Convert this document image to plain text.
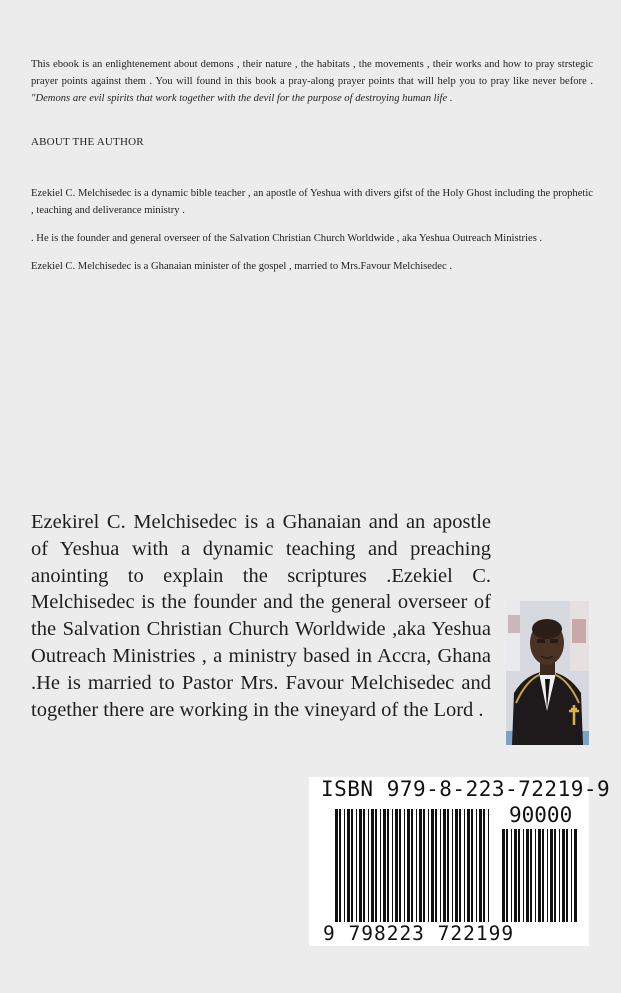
This ebook is an enlightenement about demons , their nature , the habitats , the movements , their works and how to pray strstegic prayer points against them . You will found in this book a pray-along prayer points that will help you to pray like never before . "Demons are evil spirits that work together with the devil for the purpose of destroying human life .

ABOUT THE AUTHOR

Ezekiel C. Melchisedec is a dynamic bible teacher , an apostle of Yeshua with divers gifst of the Holy Ghost including the prophetic , teaching and deliverance ministry .

. He is the founder and general overseer of the Salvation Christian Church Worldwide , aka Yeshua Outreach Ministries .

Ezekiel C. Melchisedec is a Ghanaian minister of the gospel , married to Mrs.Favour Melchisedec .

Ezekirel C. Melchisedec is a Ghanaian and an apostle of Yeshua with a dynamic teaching and preaching anointing to explain the scriptures .Ezekiel C. Melchisedec is the founder and the general overseer of the Salvation Christian Church Worldwide ,aka Yeshua Outreach Ministries , a ministry based in Accra, Ghana .He is married to Pastor Mrs. Favour Melchisedec and together there are working in the vineyard of the Lord .
ISBN 979-8-223-72219-9
90000
9 798223 722199
